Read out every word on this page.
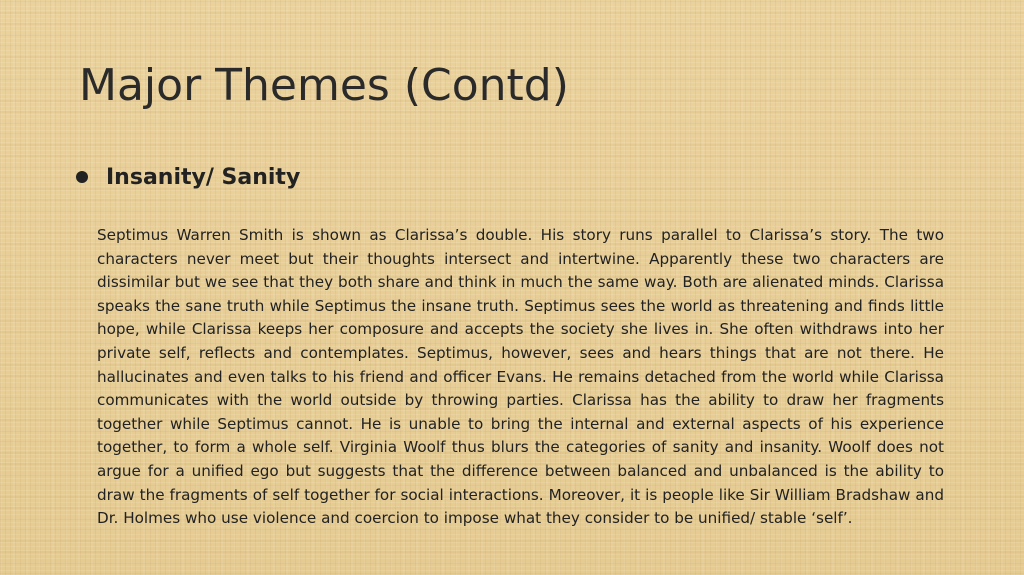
Major Themes (Contd)
Insanity/ Sanity

Septimus Warren Smith is shown as Clarissa’s double. His story runs parallel to Clarissa’s story. The two characters never meet but their thoughts intersect and intertwine. Apparently these two characters are dissimilar but we see that they both share and think in much the same way. Both are alienated minds. Clarissa speaks the sane truth while Septimus the insane truth. Septimus sees the world as threatening and finds little hope, while Clarissa keeps her composure and accepts the society she lives in. She often withdraws into her private self, reflects and contemplates. Septimus, however, sees and hears things that are not there. He hallucinates and even talks to his friend and officer Evans. He remains detached from the world while Clarissa communicates with the world outside by throwing parties. Clarissa has the ability to draw her fragments together while Septimus cannot. He is unable to bring the internal and external aspects of his experience together, to form a whole self. Virginia Woolf thus blurs the categories of sanity and insanity. Woolf does not argue for a unified ego but suggests that the difference between balanced and unbalanced is the ability to draw the fragments of self together for social interactions. Moreover, it is people like Sir William Bradshaw and Dr. Holmes who use violence and coercion to impose what they consider to be unified/ stable ‘self’.
